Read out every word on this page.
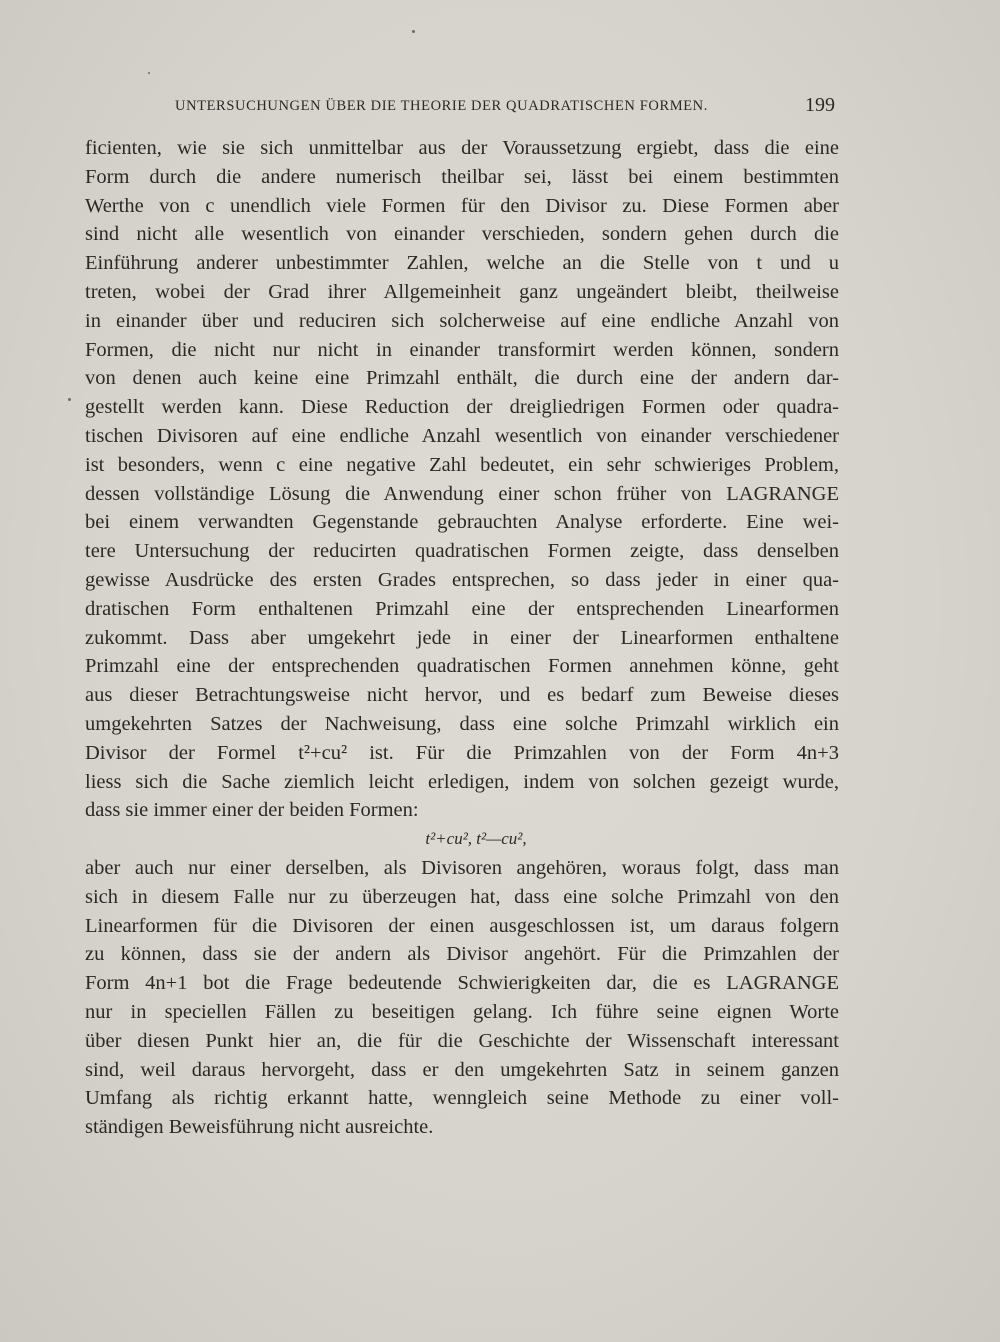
UNTERSUCHUNGEN ÜBER DIE THEORIE DER QUADRATISCHEN FORMEN.	199
ficienten, wie sie sich unmittelbar aus der Voraussetzung ergiebt, dass die eine
Form durch die andere numerisch theilbar sei, lässt bei einem bestimmten
Werthe von c unendlich viele Formen für den Divisor zu. Diese Formen aber
sind nicht alle wesentlich von einander verschieden, sondern gehen durch die
Einführung anderer unbestimmter Zahlen, welche an die Stelle von t und u
treten, wobei der Grad ihrer Allgemeinheit ganz ungeändert bleibt, theilweise
in einander über und reduciren sich solcherweise auf eine endliche Anzahl von
Formen, die nicht nur nicht in einander transformirt werden können, sondern
von denen auch keine eine Primzahl enthält, die durch eine der andern dar-
gestellt werden kann. Diese Reduction der dreigliedrigen Formen oder quadra-
tischen Divisoren auf eine endliche Anzahl wesentlich von einander verschiedener
ist besonders, wenn c eine negative Zahl bedeutet, ein sehr schwieriges Problem,
dessen vollständige Lösung die Anwendung einer schon früher von LAGRANGE
bei einem verwandten Gegenstande gebrauchten Analyse erforderte. Eine wei-
tere Untersuchung der reducirten quadratischen Formen zeigte, dass denselben
gewisse Ausdrücke des ersten Grades entsprechen, so dass jeder in einer qua-
dratischen Form enthaltenen Primzahl eine der entsprechenden Linearformen
zukommt. Dass aber umgekehrt jede in einer der Linearformen enthaltene
Primzahl eine der entsprechenden quadratischen Formen annehmen könne, geht
aus dieser Betrachtungsweise nicht hervor, und es bedarf zum Beweise dieses
umgekehrten Satzes der Nachweisung, dass eine solche Primzahl wirklich ein
Divisor der Formel t²+cu² ist. Für die Primzahlen von der Form 4n+3
liess sich die Sache ziemlich leicht erledigen, indem von solchen gezeigt wurde,
dass sie immer einer der beiden Formen:
t²+cu², t²—cu²,
aber auch nur einer derselben, als Divisoren angehören, woraus folgt, dass man
sich in diesem Falle nur zu überzeugen hat, dass eine solche Primzahl von den
Linearformen für die Divisoren der einen ausgeschlossen ist, um daraus folgern
zu können, dass sie der andern als Divisor angehört. Für die Primzahlen der
Form 4n+1 bot die Frage bedeutende Schwierigkeiten dar, die es LAGRANGE
nur in speciellen Fällen zu beseitigen gelang. Ich führe seine eignen Worte
über diesen Punkt hier an, die für die Geschichte der Wissenschaft interessant
sind, weil daraus hervorgeht, dass er den umgekehrten Satz in seinem ganzen
Umfang als richtig erkannt hatte, wenngleich seine Methode zu einer voll-
ständigen Beweisführung nicht ausreichte.
